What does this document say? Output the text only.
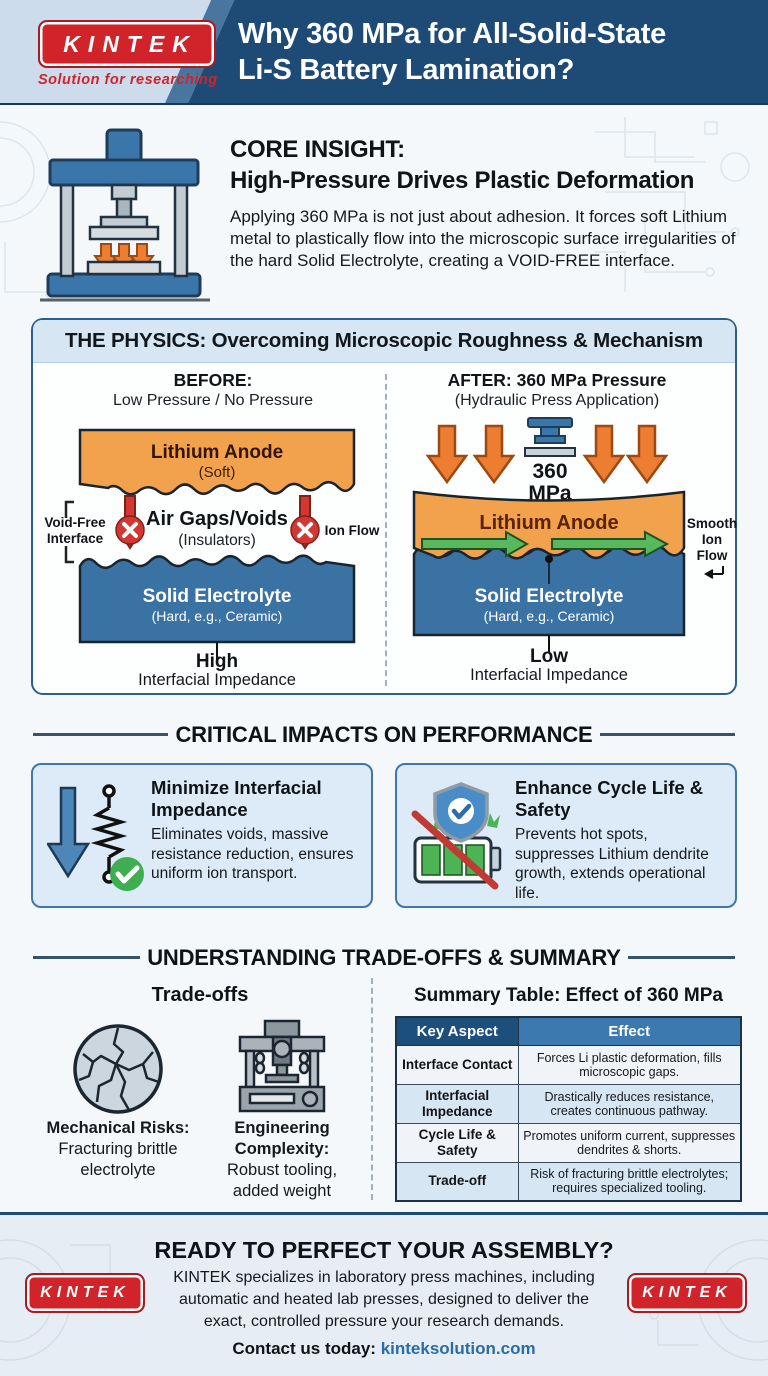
KINTEK
Solution for researching
Why 360 MPa for All-Solid-State
Li-S Battery Lamination?
CORE INSIGHT:
High-Pressure Drives Plastic Deformation
Applying 360 MPa is not just about adhesion. It forces soft Lithium metal to plastically flow into the microscopic surface irregularities of the hard Solid Electrolyte, creating a VOID-FREE interface.
THE PHYSICS: Overcoming Microscopic Roughness & Mechanism
BEFORE:
Low Pressure / No Pressure
AFTER: 360 MPa Pressure
(Hydraulic Press Application)
Lithium Anode
(Soft)
Air Gaps/Voids
(Insulators)
Void-Free
Interface
Ion Flow
Solid Electrolyte
(Hard, e.g., Ceramic)
High
Interfacial Impedance
360
MPa
Lithium Anode	Smooth
Ion
Flow
Solid Electrolyte
(Hard, e.g., Ceramic)
Low
Interfacial Impedance
CRITICAL IMPACTS ON PERFORMANCE
Minimize Interfacial Impedance
Eliminates voids, massive resistance reduction, ensures uniform ion transport.
Enhance Cycle Life & Safety
Prevents hot spots, suppresses Lithium dendrite growth, extends operational life.
UNDERSTANDING TRADE-OFFS & SUMMARY
Trade-offs	Summary Table: Effect of 360 MPa
Mechanical Risks:
Fracturing brittle electrolyte
Engineering Complexity:
Robust tooling, added weight
Key Aspect	Effect
Interface Contact	Forces Li plastic deformation, fills microscopic gaps.
Interfacial Impedance	Drastically reduces resistance, creates continuous pathway.
Cycle Life & Safety	Promotes uniform current, suppresses dendrites & shorts.
Trade-off	Risk of fracturing brittle electrolytes; requires specialized tooling.
READY TO PERFECT YOUR ASSEMBLY?
KINTEK specializes in laboratory press machines, including automatic and heated lab presses, designed to deliver the exact, controlled pressure your research demands.
KINTEK	KINTEK
Contact us today: kinteksolution.com
